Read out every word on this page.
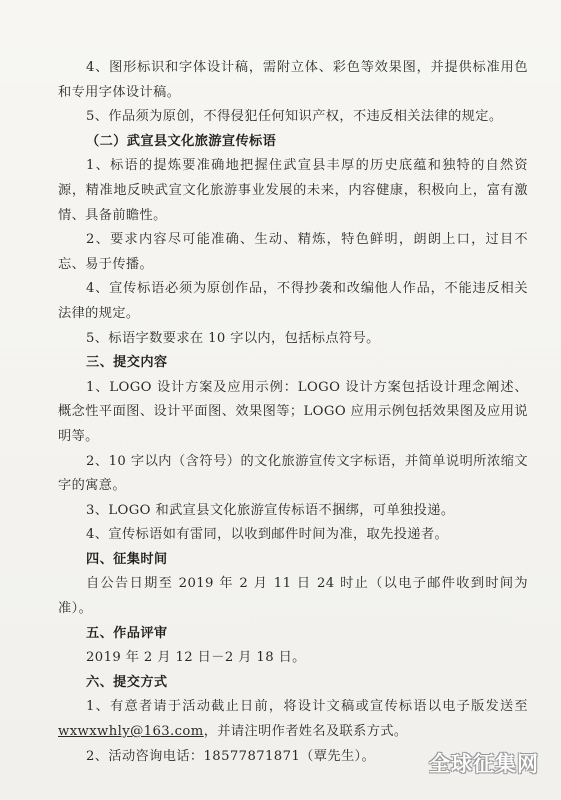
4、图形标识和字体设计稿，需附立体、彩色等效果图，并提供标准用色和专用字体设计稿。

5、作品须为原创，不得侵犯任何知识产权，不违反相关法律的规定。

（二）武宣县文化旅游宣传标语

1、标语的提炼要准确地把握住武宣县丰厚的历史底蕴和独特的自然资源，精准地反映武宣文化旅游事业发展的未来，内容健康，积极向上，富有激情、具备前瞻性。

2、要求内容尽可能准确、生动、精炼，特色鲜明，朗朗上口，过目不忘、易于传播。

4、宣传标语必须为原创作品，不得抄袭和改编他人作品，不能违反相关法律的规定。

5、标语字数要求在 10 字以内，包括标点符号。

三、提交内容

1、LOGO 设计方案及应用示例：LOGO 设计方案包括设计理念阐述、概念性平面图、设计平面图、效果图等；LOGO 应用示例包括效果图及应用说明等。

2、10 字以内（含符号）的文化旅游宣传文字标语，并简单说明所浓缩文字的寓意。

3、LOGO 和武宣县文化旅游宣传标语不捆绑，可单独投递。

4、宣传标语如有雷同，以收到邮件时间为准，取先投递者。

四、征集时间

自公告日期至 2019 年 2 月 11 日 24 时止（以电子邮件收到时间为准）。

五、作品评审

2019 年 2 月 12 日－2 月 18 日。

六、提交方式

1、有意者请于活动截止日前，将设计文稿或宣传标语以电子版发送至 wxwxwhly@163.com，并请注明作者姓名及联系方式。

2、活动咨询电话：18577871871（覃先生）。	全球征集网
